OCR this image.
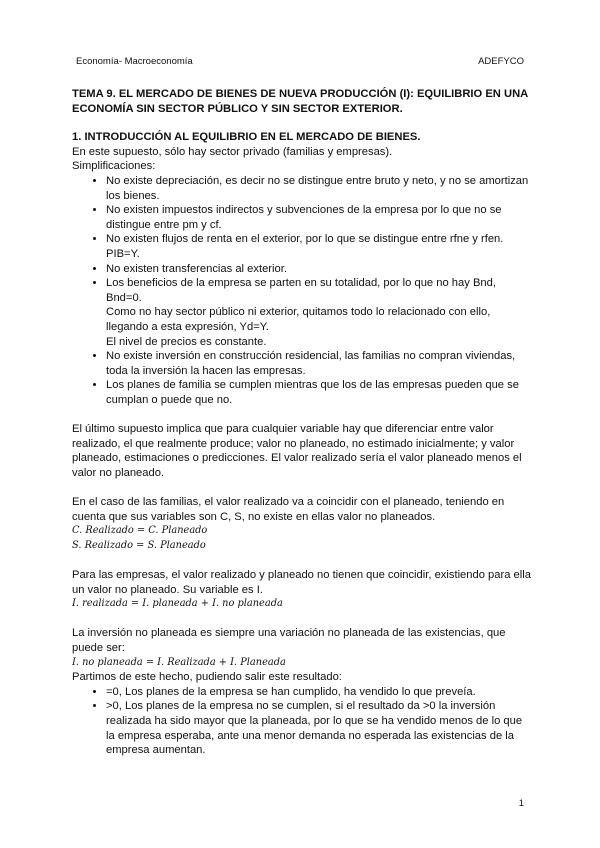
Economía- Macroeconomía	ADEFYCO

TEMA 9. EL MERCADO DE BIENES DE NUEVA PRODUCCIÓN (I): EQUILIBRIO EN UNA ECONOMÍA SIN SECTOR PÚBLICO Y SIN SECTOR EXTERIOR.

1. INTRODUCCIÓN AL EQUILIBRIO EN EL MERCADO DE BIENES.

En este supuesto, sólo hay sector privado (familias y empresas).

Simplificaciones:

• No existe depreciación, es decir no se distingue entre bruto y neto, y no se amortizan los bienes.
• No existen impuestos indirectos y subvenciones de la empresa por lo que no se distingue entre pm y cf.
• No existen flujos de renta en el exterior, por lo que se distingue entre rfne y rfen. PIB=Y.
• No existen transferencias al exterior.
• Los beneficios de la empresa se parten en su totalidad, por lo que no hay Bnd, Bnd=0.
Como no hay sector público ni exterior, quitamos todo lo relacionado con ello, llegando a esta expresión, Yd=Y.
El nivel de precios es constante.
• No existe inversión en construcción residencial, las familias no compran viviendas, toda la inversión la hacen las empresas.
• Los planes de familia se cumplen mientras que los de las empresas pueden que se cumplan o puede que no.

El último supuesto implica que para cualquier variable hay que diferenciar entre valor realizado, el que realmente produce; valor no planeado, no estimado inicialmente; y valor planeado, estimaciones o predicciones. El valor realizado sería el valor planeado menos el valor no planeado.

En el caso de las familias, el valor realizado va a coincidir con el planeado, teniendo en cuenta que sus variables son C, S, no existe en ellas valor no planeados.

C. Realizado = C. Planeado

S. Realizado = S. Planeado

Para las empresas, el valor realizado y planeado no tienen que coincidir, existiendo para ella un valor no planeado. Su variable es I.

I. realizada = I. planeada + I. no planeada

La inversión no planeada es siempre una variación no planeada de las existencias, que puede ser:

I. no planeada = I. Realizada + I. Planeada

Partimos de este hecho, pudiendo salir este resultado:

• =0, Los planes de la empresa se han cumplido, ha vendido lo que preveía.
• >0, Los planes de la empresa no se cumplen, si el resultado da >0 la inversión realizada ha sido mayor que la planeada, por lo que se ha vendido menos de lo que la empresa esperaba, ante una menor demanda no esperada las existencias de la empresa aumentan.
1
